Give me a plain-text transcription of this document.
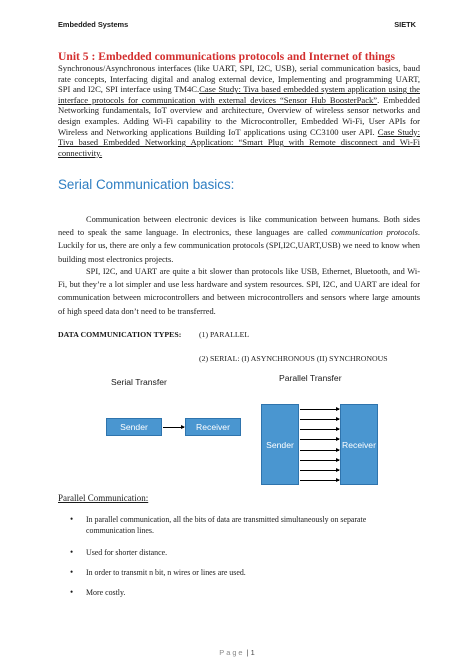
Embedded Systems	SIETK
Unit 5 : Embedded communications protocols and Internet of things
Synchronous/Asynchronous interfaces (like UART, SPI, I2C, USB), serial communication basics, baud rate concepts, Interfacing digital and analog external device, Implementing and programming UART, SPI and I2C, SPI interface using TM4C.Case Study: Tiva based embedded system application using the interface protocols for communication with external devices “Sensor Hub BoosterPack”. Embedded Networking fundamentals, IoT overview and architecture, Overview of wireless sensor networks and design examples. Adding Wi-Fi capability to the Microcontroller, Embedded Wi-Fi, User APIs for Wireless and Networking applications Building IoT applications using CC3100 user API. Case Study: Tiva based Embedded Networking Application: “Smart Plug with Remote disconnect and Wi-Fi connectivity.
Serial Communication basics:

Communication between electronic devices is like communication between humans. Both sides need to speak the same language. In electronics, these languages are called communication protocols. Luckily for us, there are only a few communication protocols (SPI,I2C,UART,USB) we need to know when building most electronics projects.

SPI, I2C, and UART are quite a bit slower than protocols like USB, Ethernet, Bluetooth, and Wi-Fi, but they’re a lot simpler and use less hardware and system resources. SPI, I2C, and UART are ideal for communication between microcontrollers and between microcontrollers and sensors where large amounts of high speed data don’t need to be transferred.

DATA COMMUNICATION TYPES: (1) PARALLEL
(2) SERIAL: (I) ASYNCHRONOUS (II) SYNCHRONOUS
Serial Transfer	Parallel Transfer
Sender	Receiver
Sender	Receiver
Parallel Communication:
• In parallel communication, all the bits of data are transmitted simultaneously on separate communication lines.
• Used for shorter distance.
• In order to transmit n bit, n wires or lines are used.
• More costly.
Page | 1
